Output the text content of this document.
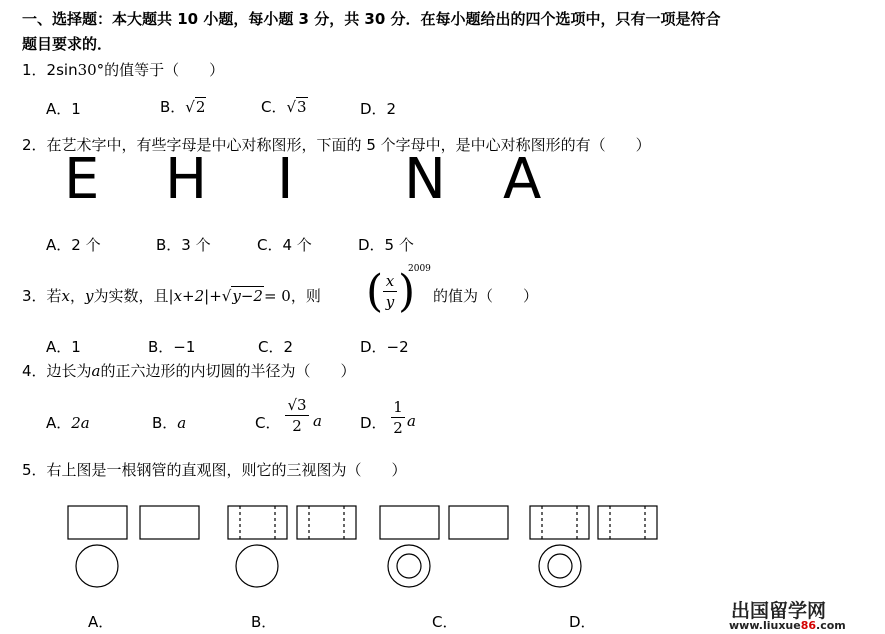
一、选择题：本大题共 10 小题，每小题 3 分，共 30 分．在每小题给出的四个选项中，只有一项是符合
题目要求的．
1．2sin30°的值等于（　　）
A．1	B．√2	C．√3	D．2
2．在艺术字中，有些字母是中心对称图形，下面的 5 个字母中，是中心对称图形的有（　　）
E H I N A
A．2 个	B．3 个	C．4 个	D．5 个
3．若x，y为实数，且|x+2|+√y−2= 0，则 ( x
y )
2009
的值为（　　）
A．1	B．−1	C．2	D．−2
4．边长为a的正六边形的内切圆的半径为（　　）
A．2a	B．a	C．
√3
2 a	D．
1
2 a
5．右上图是一根钢管的直观图，则它的三视图为（　　）
A．	B．	C．	D．	出国留学网
www.liuxue86.com
